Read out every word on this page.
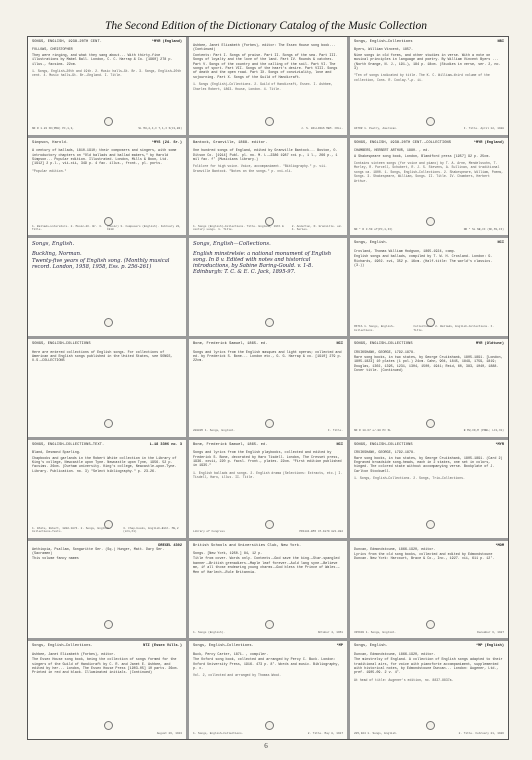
The Second Edition of the Dictionary Catalog of the Music Collection
SONGS, ENGLISH, 1938-20TH CENT.	*MYR (England)
FOLLOWS, CHRISTOPHER
They were ringing, and what they sang about... With thirty-five illustrations by Mabel Ball. London, C. C. Harrap & Co. [1960] 278 p. illus., facsims. 22cm.
1. Songs, English—20th and 19th. 2. Music halls—Gt. Br. 3. Songs, English—20th cent. 4. Music halls—Gt. Br.—England. I. Title.
NN R 1.83 OC(PRW) PC,1,3,	SL MU,2,4,I T,1,I S(C1,B3)
Ashbee, Janet Elizabeth (Forbes), editor: The Essex House song book... (Continued)
Contents: Part I. Songs of praise. Part II. Songs of the sea. Part III. Songs of loyalty and the love of the land. Part IV. Rounds & catches. Part V. Songs of the country and the calling of the soil. Part VI. The songs of sport. Part VII. Songs of the heart's desire. Part VIII. Songs of death and the open road. Part IX. Songs of conviviality, love and sojourning. Part X. Songs of the Guild of Handicraft.
1. Songs (English)—Collections. 2. Guild of Handicraft, Essex. I. Ashbee, Charles Robert, 1863- House, London. 4. Title.
J. S. BILLINGS MEM. COLL.
Songs, English—Collections	NBI
Byers, William Vincent, 1857-
Nine songs in old forms, and other studies in verse. With a note on musical principles in language and poetry. By William Vincent Byers ... (North Orange, N. J., 191-), 184 p. 18cm. (Studies in verse, ser. 2, no. 3)
"Ten of songs indicated by title. The K. C. William—third volume of the collection, Cons. R. Coolay."—p. ii.
ASTOR 1. Poetry, American.	I. Title. April 12, 1928
Simpson, Harold.	*MYS (24. Sr.)
A century of ballads, 1810-1910; their composers and singers, with some introductory chapters on "Old ballads and ballad makers," by Harold Simpson... Popular edition. Illustrated. London, Mills & Boon, Ltd. [1912] 2 p.l., vii-xii, 349 p. 4 fac. illus., front., pl. ports.
"Popular edition."
1. Ballads—Literature. 2. Music—Gt. Br. 3. Title.
(Music) 3. Composers (English). February 22, 1910
Bantock, Granville, 1868- editor.
One hundred songs of England, edited by Granville Bantock... Boston, O. Ditson Co. [1914] Publ. pl. no. M. L.—2386 1987 xxi p., 1 l., 266 p., 1 mil fac. f° (Musicians library.)
Folklore for high voice. Voice, accompaniment. "Bibliography." p. vii. Granville Bantock. "Notes on the songs." p. xvi-xli.
1. Songs (English)—Collections. Title. England, 19th & century songs. 1. Title.
2. Anderton, N. Granville. ed. 4. Series.
SONGS, ENGLISH, 1938-20TH CENT.—COLLECTIONS	*MYR (England)
CHAMBERS, HERBERT ARTHUR, 1880- , ed.
A Shakespeare song book, London, Blandford press [1957] 92 p. 25cm.
Contains sixteen songs (for voice and piano) by T. A. Arne, Mendelssohn, T. Morley, R. Purcell, Schubert, R. J. S. Stevens, A. Sullivan, and traditional songs ca. 1800. 1. Songs, English—Collections. 2. Shakespeare, William, Poems, Songs. 3. Shakespeare, William, Songs. II. Title. IV. Chambers, Herbert Arthur.
NN * R 3.59 of(PC,1,II)	NR * SL NB,II (NC,M1,II)
Songs, English.
Buckling, Norman.
Twenty-five years of English song. (Monthly musical record. London, 1958, 1958, Ess. p. 256-261)
Songs, English—Collections.
English minstrelsie: a national monument of English song. In 8 v. Edited with notes and historical introductions, by Sabine Baring-Gould. v. 1-8. Edinburgh: T. C. & E. C. Jack, 1895-97.
Songs, English.	NCI
Crosland, Thomas William Hodgson, 1865-1924, comp.
English songs and ballads, compiled by T. W. H. Crosland. London: G. Richards, 1902. xvi, 352 p. 16cm. (Half-title: The world's classics. (3.))
OSTIA 1. Songs, English—Collections.
Collections. 2. Ballads, English—Collections. I. Title.
SONGS, ENGLISH—COLLECTIONS
Here are entered collections of English songs. For collections of American and English songs published in the United States, see SONGS, U.S.—COLLECTIONS
Bone, Frederick Samuel, 1865- ed.	NCI
Songs and lyrics from the English masques and light operas; collected and ed. by Frederick S. Bone... London etc., G. G. Harrap & co. [1910] 279 p. 22cm.
200005 1. Songs, English.	I. Title.
SONGS, ENGLISH—COLLECTIONS	MYR (Oldtune)
CRUIKSHANK, GEORGE, 1792-1878.
Rare song books, in two states, by George Cruikshank, 1805-1891. [London, 1805-1823] 10 plates (1 pol.) 24cm. Cahn, 904, 1845, 1849, 1759, 1819; Douglas, 1302, 1395, 1231, 1304, 1500, 1941; Reid, 60, 383, 1040, 1888. Cover title. (Continued)
NN R 10.67 e/.00 PC SL	B MU,IN,M (PNBL; LC1,X1)
SONGS, ENGLISH—COLLECTIONS—TEXT.	L-18 3306 no. 3
Bland, Desmond Sparling.
Chapbooks and garlands in the Robert White collection in the Library of King's college, Newcastle upon Tyne. Newcastle upon Tyne, 1956. 52 p. facsims. 26cm. (Durham university. King's college, Newcastle-upon-Tyne. Library. Publication. no. 3) "Select bibliography." p. 23-26.
1. White, Robert, 1802-1874. 2. Songs, English—Collections—Texts.
3. Chap-books, English—Bibl. MG,2 (LC1,X1)
Bone, Frederick Samuel, 1865- ed.	NCI
Songs and lyrics from the English playbooks, collected and edited by Frederick S. Bone, decorated by Haro Tisdell. London, The Cresset press, 1936. xxvii, 220 p. facsl. front., plates. 22cm. "First edition published in 1935."
1. English ballads and songs. 2. English drama (Selections: Extracts, etc.) I. Tisdell, Haro, illus. II. Title.
Library of Congress	PR1181.B55 47-1879 821.082
SONGS, ENGLISH—COLLECTIONS	*MYR
CRUIKSHANK, GEORGE, 1792-1878.
Rare song books, in two states, by George Cruikshank, 1805-1891. (Card 2) Engraved broadside song-heads, each in 2 states, one set in colors, hinged. The colored state without accompanying verse. Bookplate of J. Carlton Stockwell.
1. Songs, English—Collections. 2. Songs, Trio—Collections.
DREXEL 4302
Aethiopia, Psallam, Songwritte Ser. (Sq.) Hunger, Matt. Dary Ser. (Sacramen)
This volume fancy names
British Schools and Universities Club, New York.
Songs. [New York, 1950.] 84, 12 p.
Title from cover. Words only. Contents.—God save the king.—Star-spangled banner.—British grenadiers.—Maple leaf forever.—Auld lang syne.—Believe me, if all those endearing young charms.—God bless the Prince of Wales.—Men of Harlech.—Rule Britannia.
1. Songs (English).	October 4, 1951
*MOM
Duncan, Edmondstoune, 1866-1920, editor.
Lyrics from the old song books, collected and edited by Edmondstoune Duncan. New York: Harcourt, Brace & Co., Inc., 1927. xii, 611 p. 12°.
335930 1. Songs, English.	December 6, 1927
Songs, English—Collections.	NTZ (Essex Vills.)
Ashbee, Janet Elizabeth (Forbes), editor.
The Essex House song book, being the collection of songs formed for the singers of the Guild of Handicraft by C. R. and Janet E. Ashbee, and edited by her... London, The Essex House Press [1903-05] 10 parts. 26cm. Printed in red and black. Illuminated initials. (Continued)
August 26, 1913
Songs, English—Collections.	*MP
Buck, Percy Carter, 1871- , compiler.
The Oxford song book, collected and arranged by Percy C. Buck. London: Oxford University Press, 1916. 473 p. 8°. Words and music. Bibliography, p. x.
Vol. 2, collected and arranged by Thomas Wood.
1. Songs, English—Collections.	2. Title. May 8, 1917
Songs, English.	*MP (English)
Duncan, Edmondstoune, 1866-1920, editor.
The minstrelsy of England. A collection of English songs adapted to their traditional airs, for voice with pianoforte accompaniment, supplemented with historical notes, by Edmondstoune Duncan... London: Augener, Ltd., pref. 1905-09. 2 v. 4°.
At head of title: Augener's edition, no. 8837-8837a.
205,924 1. Songs, English.	2. Title. February 21, 1926
6
